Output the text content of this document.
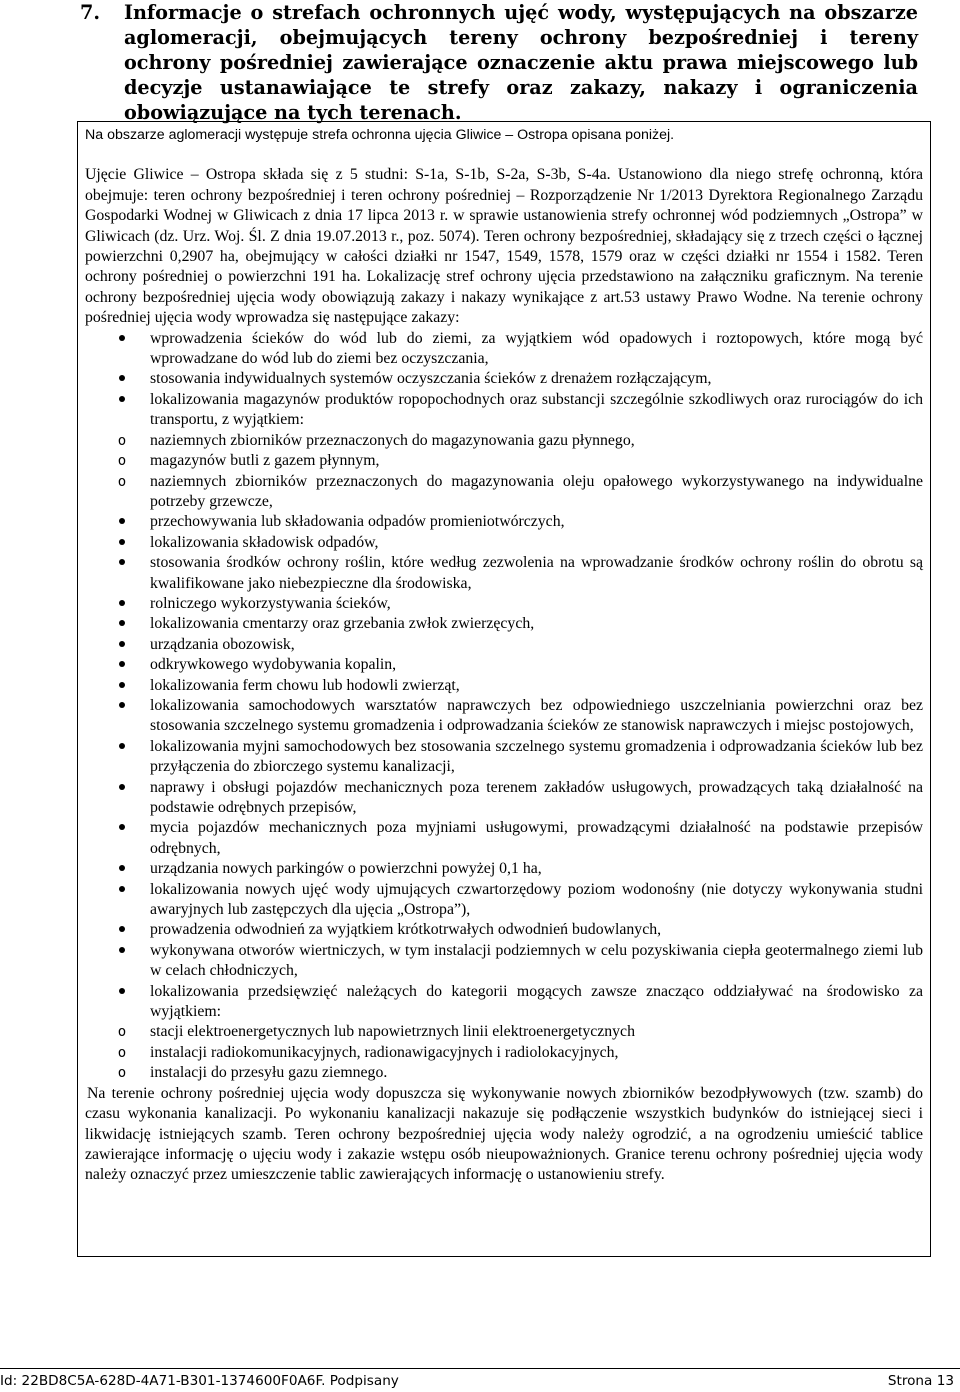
7.	Informacje o strefach ochronnych ujęć wody, występujących na obszarze aglomeracji, obejmujących tereny ochrony bezpośredniej i tereny ochrony pośredniej zawierające oznaczenie aktu prawa miejscowego lub decyzje ustanawiające te strefy oraz zakazy, nakazy i ograniczenia obowiązujące na tych terenach.

Na obszarze aglomeracji występuje strefa ochronna ujęcia Gliwice – Ostropa opisana poniżej.

Ujęcie Gliwice – Ostropa składa się z 5 studni: S-1a, S-1b, S-2a, S-3b, S-4a. Ustanowiono dla niego strefę ochronną, która obejmuje: teren ochrony bezpośredniej i teren ochrony pośredniej – Rozporządzenie Nr 1/2013 Dyrektora Regionalnego Zarządu Gospodarki Wodnej w Gliwicach z dnia 17 lipca 2013 r. w sprawie ustanowienia strefy ochronnej wód podziemnych „Ostropa” w Gliwicach (dz. Urz. Woj. Śl. Z dnia 19.07.2013 r., poz. 5074). Teren ochrony bezpośredniej, składający się z trzech części o łącznej powierzchni 0,2907 ha, obejmujący w całości działki nr 1547, 1549, 1578, 1579 oraz w części działki nr 1554 i 1582. Teren ochrony pośredniej o powierzchni 191 ha. Lokalizację stref ochrony ujęcia przedstawiono na załączniku graficznym. Na terenie ochrony bezpośredniej ujęcia wody obowiązują zakazy i nakazy wynikające z art.53 ustawy Prawo Wodne. Na terenie ochrony pośredniej ujęcia wody wprowadza się następujące zakazy:

wprowadzenia ścieków do wód lub do ziemi, za wyjątkiem wód opadowych i roztopowych, które mogą być wprowadzane do wód lub do ziemi bez oczyszczania,
stosowania indywidualnych systemów oczyszczania ścieków z drenażem rozłączającym,
lokalizowania magazynów produktów ropopochodnych oraz substancji szczególnie szkodliwych oraz rurociągów do ich transportu, z wyjątkiem:
o
naziemnych zbiorników przeznaczonych do magazynowania gazu płynnego,
o
magazynów butli z gazem płynnym,
o
naziemnych zbiorników przeznaczonych do magazynowania oleju opałowego wykorzystywanego na indywidualne potrzeby grzewcze,
przechowywania lub składowania odpadów promieniotwórczych,
lokalizowania składowisk odpadów,
stosowania środków ochrony roślin, które według zezwolenia na wprowadzanie środków ochrony roślin do obrotu są kwalifikowane jako niebezpieczne dla środowiska,
rolniczego wykorzystywania ścieków,
lokalizowania cmentarzy oraz grzebania zwłok zwierzęcych,
urządzania obozowisk,
odkrywkowego wydobywania kopalin,
lokalizowania ferm chowu lub hodowli zwierząt,
lokalizowania samochodowych warsztatów naprawczych bez odpowiedniego uszczelniania powierzchni oraz bez stosowania szczelnego systemu gromadzenia i odprowadzania ścieków ze stanowisk naprawczych i miejsc postojowych,
lokalizowania myjni samochodowych bez stosowania szczelnego systemu gromadzenia i odprowadzania ścieków lub bez przyłączenia do zbiorczego systemu kanalizacji,
naprawy i obsługi pojazdów mechanicznych poza terenem zakładów usługowych, prowadzących taką działalność na podstawie odrębnych przepisów,
mycia pojazdów mechanicznych poza myjniami usługowymi, prowadzącymi działalność na podstawie przepisów odrębnych,
urządzania nowych parkingów o powierzchni powyżej 0,1 ha,
lokalizowania nowych ujęć wody ujmujących czwartorzędowy poziom wodonośny (nie dotyczy wykonywania studni awaryjnych lub zastępczych dla ujęcia „Ostropa”),
prowadzenia odwodnień za wyjątkiem krótkotrwałych odwodnień budowlanych,
wykonywana otworów wiertniczych, w tym instalacji podziemnych w celu pozyskiwania ciepła geotermalnego ziemi lub w celach chłodniczych,
lokalizowania przedsięwzięć należących do kategorii mogących zawsze znacząco oddziaływać na środowisko za wyjątkiem:
o
stacji elektroenergetycznych lub napowietrznych linii elektroenergetycznych
o
instalacji radiokomunikacyjnych, radionawigacyjnych i radiolokacyjnych,
o
instalacji do przesyłu gazu ziemnego.

Na terenie ochrony pośredniej ujęcia wody dopuszcza się wykonywanie nowych zbiorników bezodpływowych (tzw. szamb) do czasu wykonania kanalizacji. Po wykonaniu kanalizacji nakazuje się podłączenie wszystkich budynków do istniejącej sieci i likwidację istniejących szamb. Teren ochrony bezpośredniej ujęcia wody należy ogrodzić, a na ogrodzeniu umieścić tablice zawierające informację o ujęciu wody i zakazie wstępu osób nieupoważnionych. Granice terenu ochrony pośredniej ujęcia wody należy oznaczyć przez umieszczenie tablic zawierających informację o ustanowieniu strefy.

Id: 22BD8C5A-628D-4A71-B301-1374600F0A6F. Podpisany	Strona 13
